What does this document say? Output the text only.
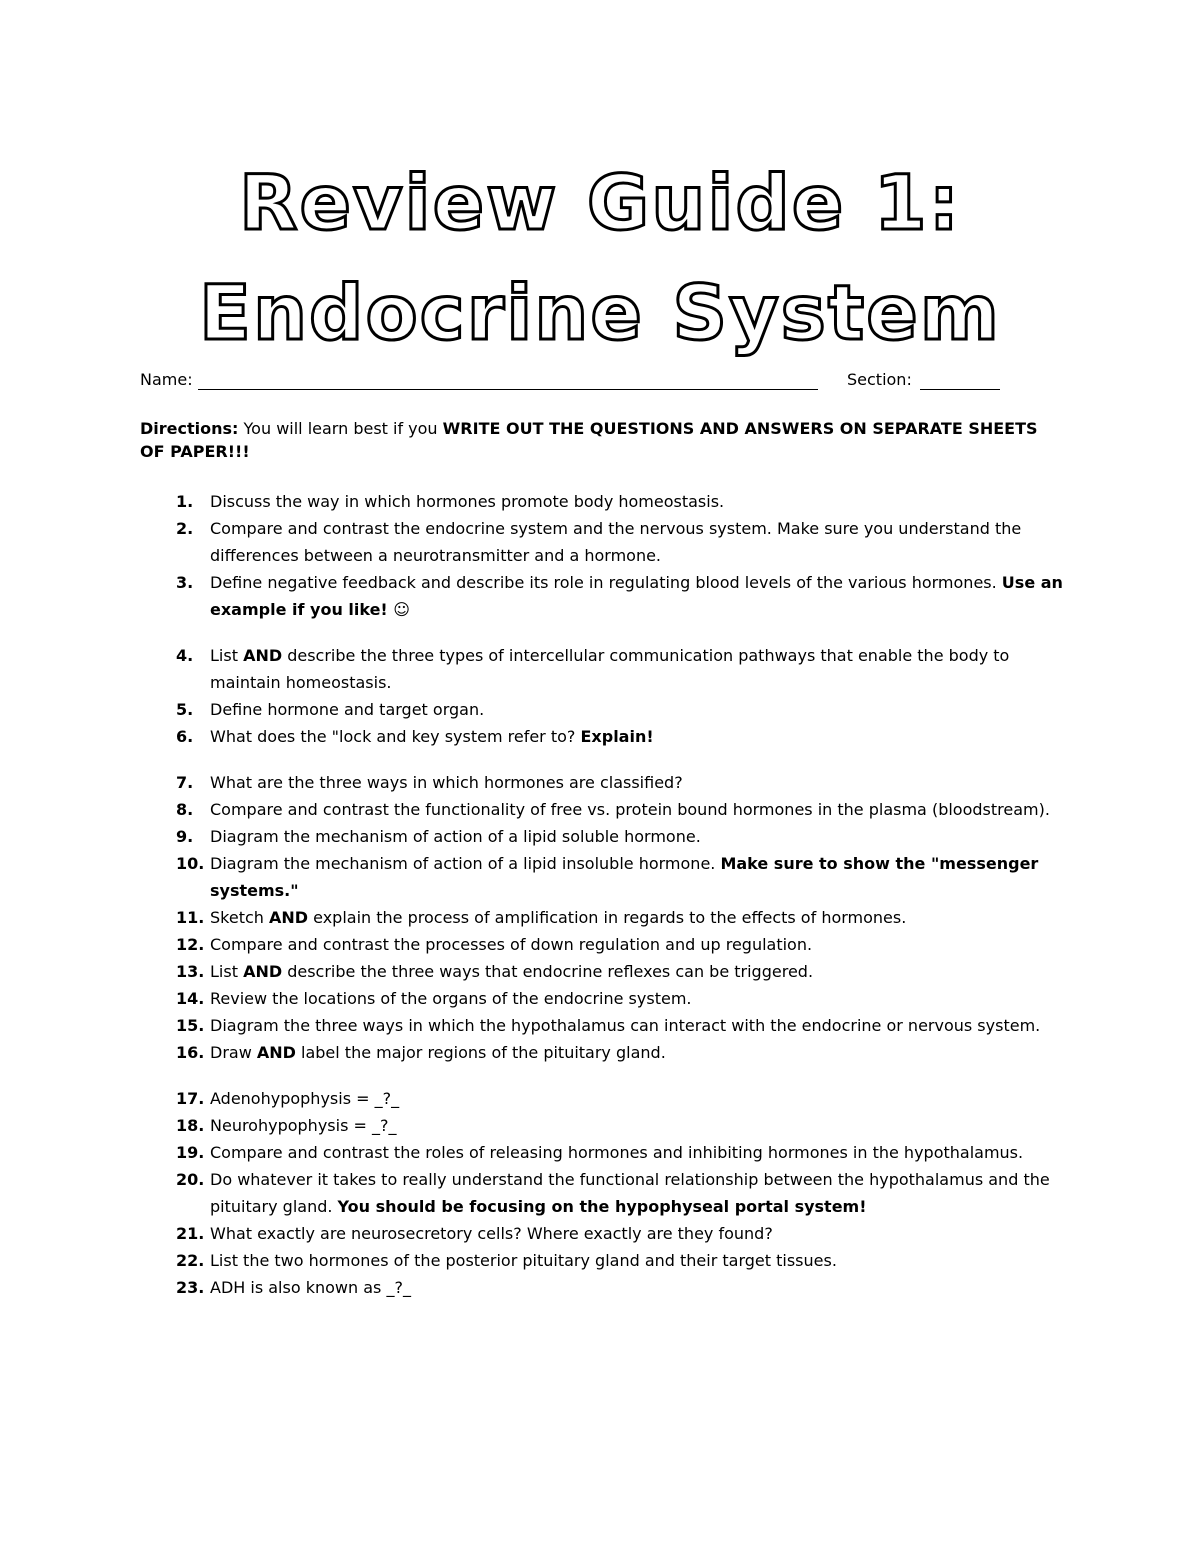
Review Guide 1:
Endocrine System
Name:	Section:
Directions: You will learn best if you WRITE OUT THE QUESTIONS AND ANSWERS ON SEPARATE SHEETS OF PAPER!!!
1. Discuss the way in which hormones promote body homeostasis.
2. Compare and contrast the endocrine system and the nervous system. Make sure you understand the differences between a neurotransmitter and a hormone.
3. Define negative feedback and describe its role in regulating blood levels of the various hormones. Use an example if you like! ☺
4. List AND describe the three types of intercellular communication pathways that enable the body to maintain homeostasis.
5. Define hormone and target organ.
6. What does the "lock and key system refer to? Explain!
7. What are the three ways in which hormones are classified?
8. Compare and contrast the functionality of free vs. protein bound hormones in the plasma (bloodstream).
9. Diagram the mechanism of action of a lipid soluble hormone.
10. Diagram the mechanism of action of a lipid insoluble hormone. Make sure to show the "messenger systems."
11. Sketch AND explain the process of amplification in regards to the effects of hormones.
12. Compare and contrast the processes of down regulation and up regulation.
13. List AND describe the three ways that endocrine reflexes can be triggered.
14. Review the locations of the organs of the endocrine system.
15. Diagram the three ways in which the hypothalamus can interact with the endocrine or nervous system.
16. Draw AND label the major regions of the pituitary gland.
17. Adenohypophysis = _?_
18. Neurohypophysis = _?_
19. Compare and contrast the roles of releasing hormones and inhibiting hormones in the hypothalamus.
20. Do whatever it takes to really understand the functional relationship between the hypothalamus and the pituitary gland. You should be focusing on the hypophyseal portal system!
21. What exactly are neurosecretory cells? Where exactly are they found?
22. List the two hormones of the posterior pituitary gland and their target tissues.
23. ADH is also known as _?_
